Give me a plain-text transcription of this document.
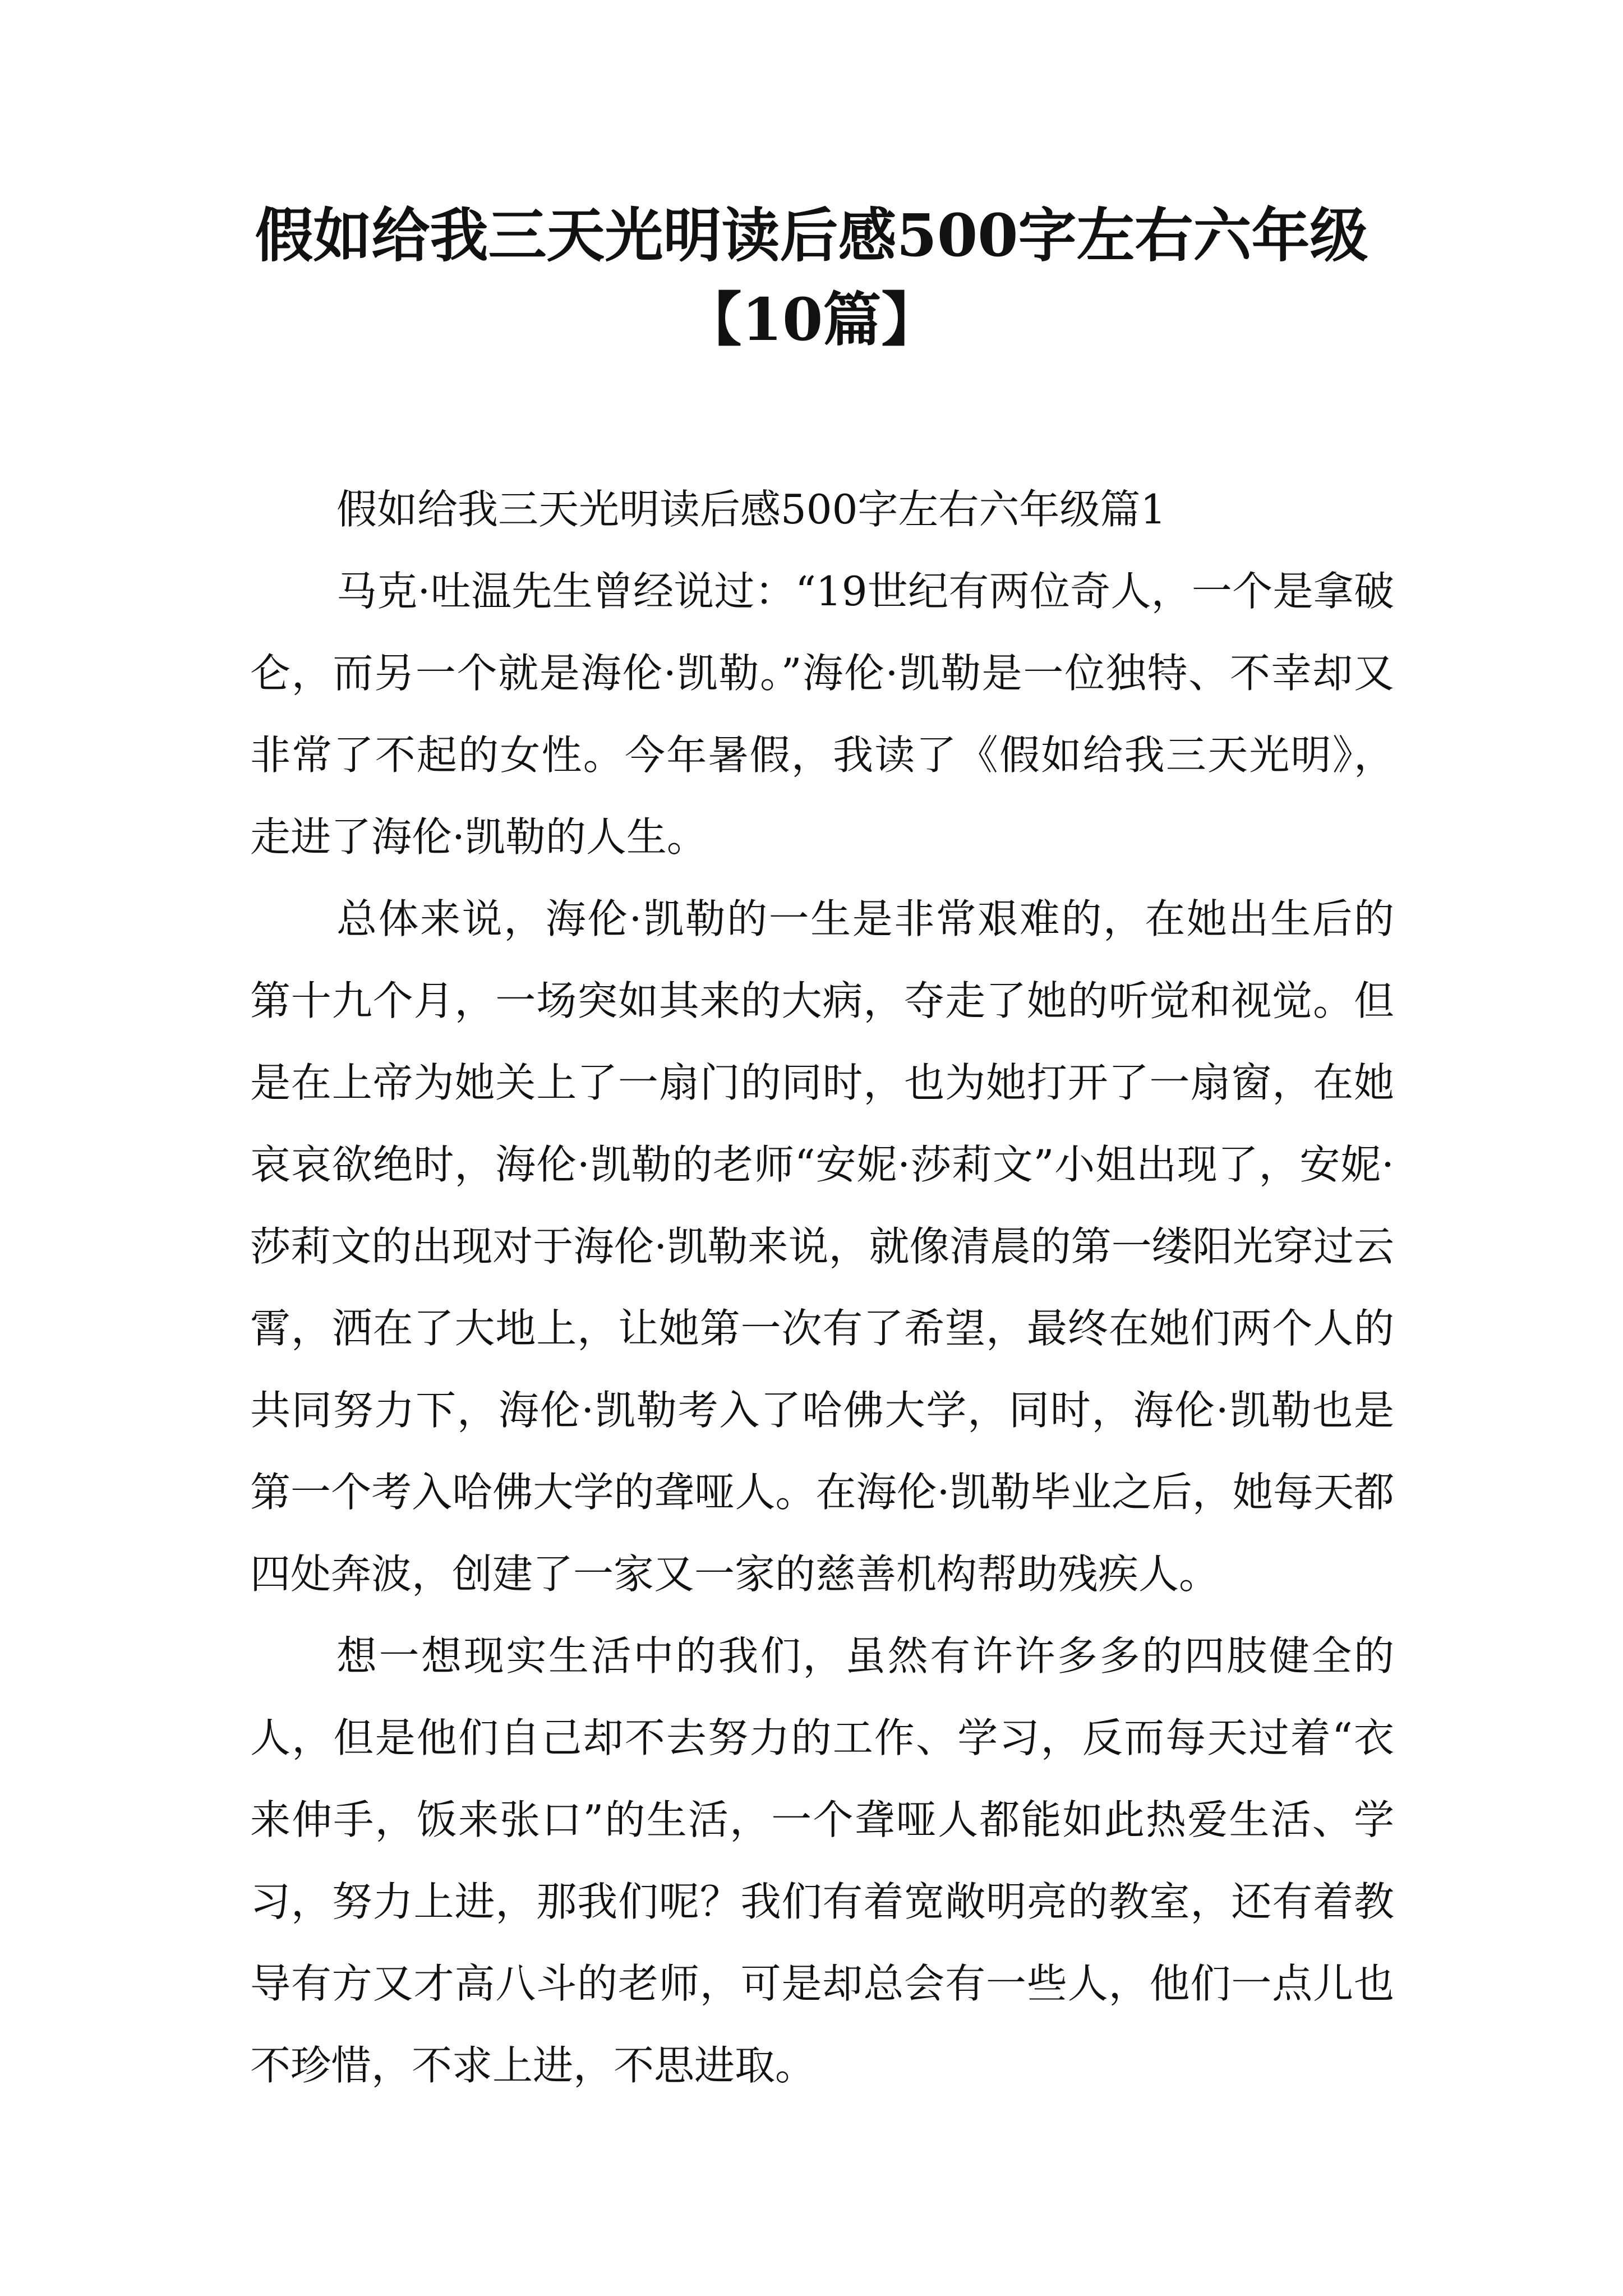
假如给我三天光明读后感500字左右六年级

【10篇】

假如给我三天光明读后感500字左右六年级篇1

马克·吐温先生曾经说过：“19世纪有两位奇人，一个是拿破仑，而另一个就是海伦·凯勒。”海伦·凯勒是一位独特、不幸却又非常了不起的女性。今年暑假，我读了《假如给我三天光明》，走进了海伦·凯勒的人生。

总体来说，海伦·凯勒的一生是非常艰难的，在她出生后的第十九个月，一场突如其来的大病，夺走了她的听觉和视觉。但是在上帝为她关上了一扇门的同时，也为她打开了一扇窗，在她哀哀欲绝时，海伦·凯勒的老师“安妮·莎莉文”小姐出现了，安妮·莎莉文的出现对于海伦·凯勒来说，就像清晨的第一缕阳光穿过云霄，洒在了大地上，让她第一次有了希望，最终在她们两个人的共同努力下，海伦·凯勒考入了哈佛大学，同时，海伦·凯勒也是第一个考入哈佛大学的聋哑人。在海伦·凯勒毕业之后，她每天都四处奔波，创建了一家又一家的慈善机构帮助残疾人。

想一想现实生活中的我们，虽然有许许多多的四肢健全的人，但是他们自己却不去努力的工作、学习，反而每天过着“衣来伸手，饭来张口”的生活，一个聋哑人都能如此热爱生活、学习，努力上进，那我们呢？我们有着宽敞明亮的教室，还有着教导有方又才高八斗的老师，可是却总会有一些人，他们一点儿也不珍惜，不求上进，不思进取。
